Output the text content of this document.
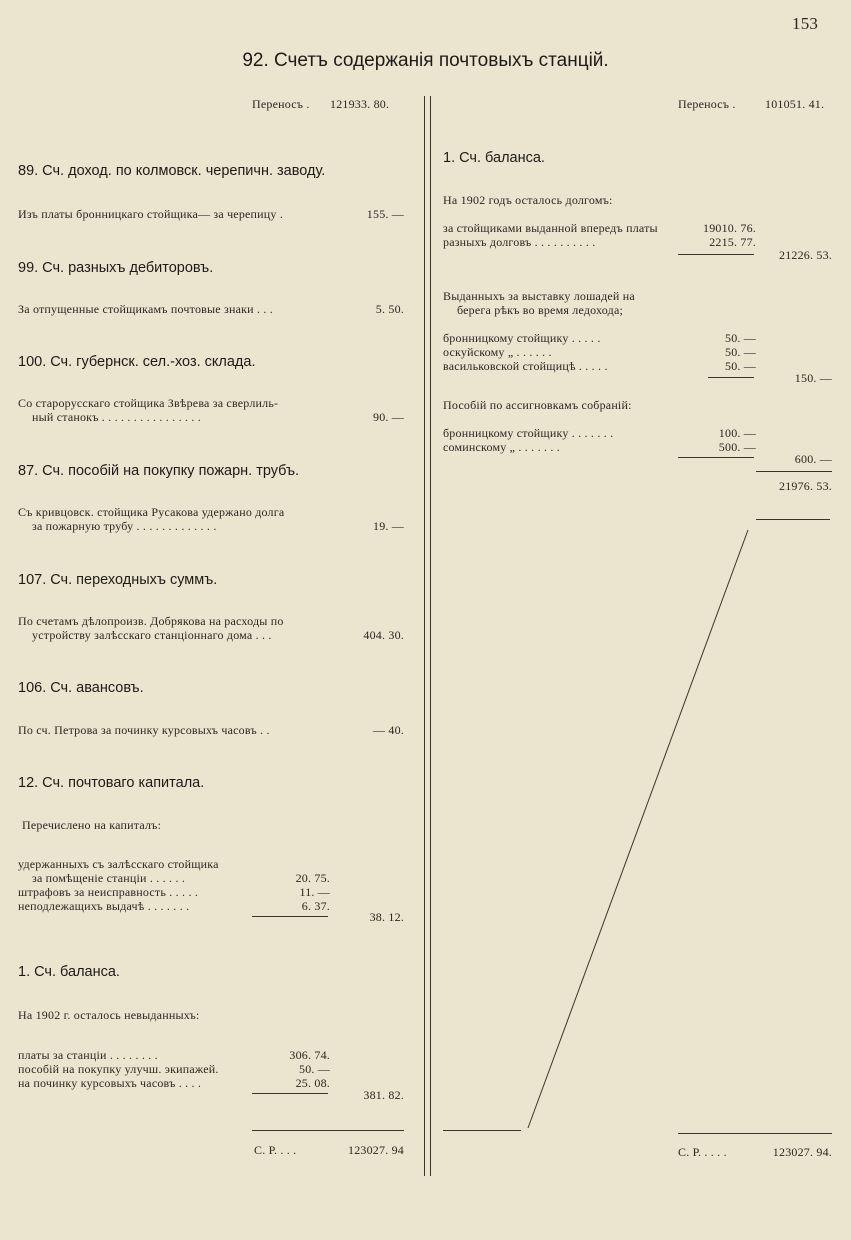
153
92. Счетъ содержанія почтовыхъ станцій.
Переносъ . 121933. 80.
89. Сч. доход. по колмовск. черепичн. заводу.
Изъ платы бронницкаго стойщика— за черепицу .	155. —
99. Сч. разныхъ дебиторовъ.
За отпущенные стойщикамъ почтовые знаки . . .	5. 50.
100. Сч. губернск. сел.-хоз. склада.
Со старорусскаго стойщика Звѣрева за сверлиль-
ный станокъ . . . . . . . . . . . . . . . .	90. —
87. Сч. пособій на покупку пожарн. трубъ.
Съ кривцовск. стойщика Русакова удержано долга
за пожарную трубу . . . . . . . . . . . . .	19. —
107. Сч. переходныхъ суммъ.
По счетамъ дѣлопроизв. Добрякова на расходы по
устройству залѣсскаго станціоннаго дома . . .	404. 30.
106. Сч. авансовъ.
По сч. Петрова за починку курсовыхъ часовъ . .	— 40.
12. Сч. почтоваго капитала.
Перечислено на капиталъ:
удержанныхъ съ залѣсскаго стойщика
за помѣщеніе станціи . . . . . .	20. 75.
штрафовъ за неисправность . . . . .	11. —
неподлежащихъ выдачѣ . . . . . . .	6. 37.
38. 12.
1. Сч. баланса.
На 1902 г. осталось невыданныхъ:
платы за станціи . . . . . . . .	306. 74.
пособій на покупку улучш. экипажей.	50. —
на починку курсовыхъ часовъ . . . .	25. 08.
381. 82.
С. Р. . . .	123027. 94
Переносъ . 101051. 41.
1. Сч. баланса.
На 1902 годъ осталось долгомъ:
за стойщиками выданной впередъ платы	19010. 76.
разныхъ долговъ . . . . . . . . . .	2215. 77.
21226. 53.
Выданныхъ за выставку лошадей на
берега рѣкъ во время ледохода;
бронницкому стойщику . . . . .	50. —
оскуйскому „ . . . . . .	50. —
васильковской стойщицѣ . . . . .	50. —
150. —
Пособій по ассигновкамъ собраній:
бронницкому стойщику . . . . . . .	100. —
соминскому „ . . . . . . .	500. —
600. —
21976. 53.
С. Р. . . . .	123027. 94.
